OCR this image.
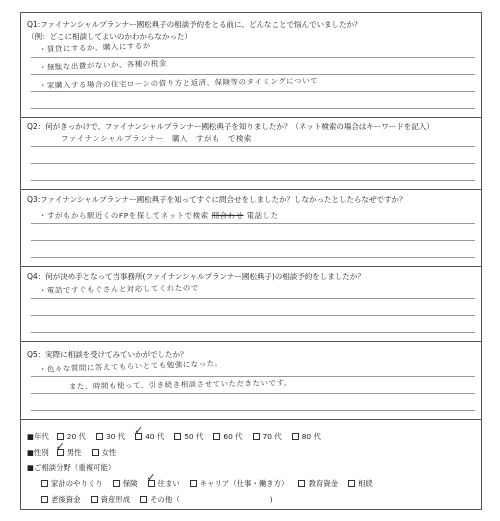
Q1:ファイナンシャルプランナー國松典子の相談予約をとる前に、どんなことで悩んでいましたか？
（例：どこに相談してよいのかわからなかった）
・賃貸にするか、購入にするか
・無駄な出費がないか、各種の税金
・家購入する場合の住宅ローンの借り方と返済、保険等のタイミングについて
Q2：何がきっかけで、ファイナンシャルプランナー國松典子を知りましたか？（ネット検索の場合はキーワードを記入）
ファイナンシャルプランナー　購入　すがも　で検索
Q3:ファイナンシャルプランナー國松典子を知ってすぐに問合せをしましたか？しなかったとしたらなぜですか？
・すがもから駅近くのFPを探してネットで検索 問合わせ 電話した
Q4：何が決め手となって当事務所(ファイナンシャルプランナー國松典子)の相談予約をしましたか？
・電話ですぐもぐさんと対応してくれたので
Q5：実際に相談を受けてみていかがでしたか？
・色々な質問に答えてもらいとても勉強になった。
また、時間も使って、引き続き相談させていただきたいです。
■年代 20 代	30 代 ✓ 40 代	50 代	60 代	70 代	80 代
■性別 ✓ 男性	女性
■ご相談分野（重複可能）
家計のやりくり	保険 ✓ 住まい	キャリア（仕事・働き方）	教育資金	相続
老後資金	資産形成	その他（	)
